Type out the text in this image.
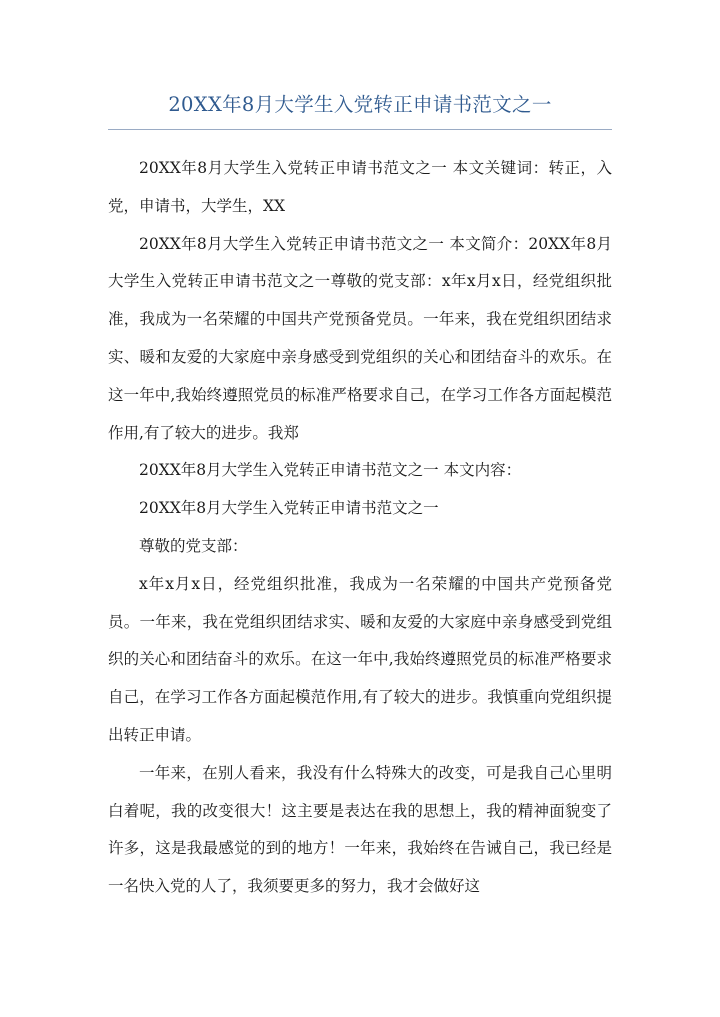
20XX年8月大学生入党转正申请书范文之一

20XX年8月大学生入党转正申请书范文之一 本文关键词：转正，入党，申请书，大学生，XX

20XX年8月大学生入党转正申请书范文之一 本文简介：20XX年8月大学生入党转正申请书范文之一尊敬的党支部：x年x月x日，经党组织批准，我成为一名荣耀的中国共产党预备党员。一年来，我在党组织团结求实、暖和友爱的大家庭中亲身感受到党组织的关心和团结奋斗的欢乐。在这一年中,我始终遵照党员的标准严格要求自己，在学习工作各方面起模范作用,有了较大的进步。我郑

20XX年8月大学生入党转正申请书范文之一 本文内容：

20XX年8月大学生入党转正申请书范文之一

尊敬的党支部：

x年x月x日，经党组织批准，我成为一名荣耀的中国共产党预备党员。一年来，我在党组织团结求实、暖和友爱的大家庭中亲身感受到党组织的关心和团结奋斗的欢乐。在这一年中,我始终遵照党员的标准严格要求自己，在学习工作各方面起模范作用,有了较大的进步。我慎重向党组织提出转正申请。

一年来，在别人看来，我没有什么特殊大的改变，可是我自己心里明白着呢，我的改变很大！这主要是表达在我的思想上，我的精神面貌变了许多，这是我最感觉的到的地方！一年来，我始终在告诫自己，我已经是一名快入党的人了，我须要更多的努力，我才会做好这
